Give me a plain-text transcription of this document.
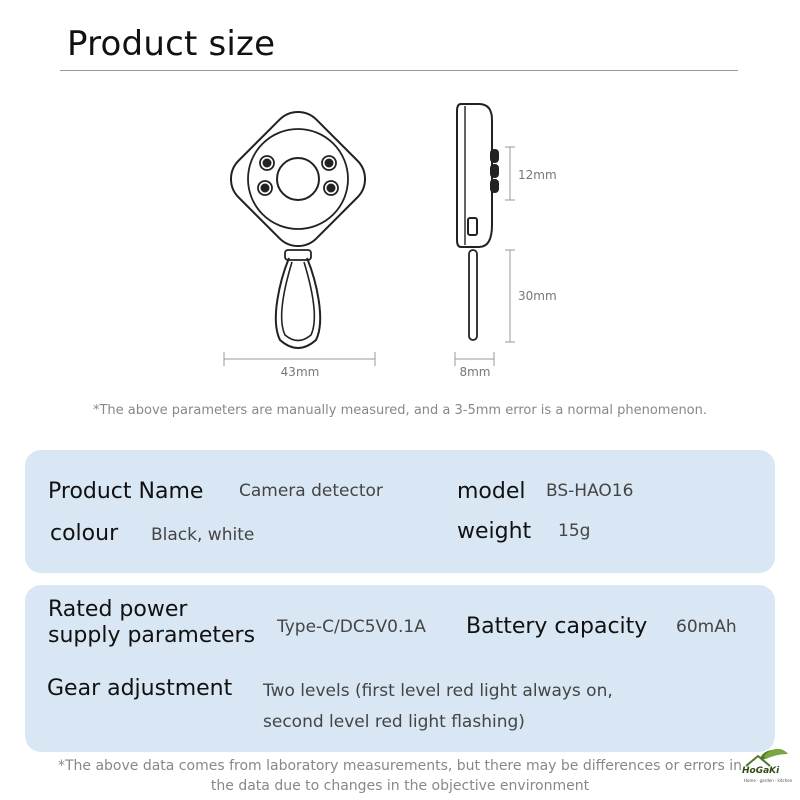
Product size
43mm
12mm
30mm
8mm
*The above parameters are manually measured, and a 3-5mm error is a normal phenomenon.
Product Name Camera detector	model BS-HAO16
colour Black, white	weight 15g
Rated power
supply parameters Type-C/DC5V0.1A Battery capacity 60mAh
Gear adjustment Two levels (first level red light always on,
second level red light flashing)
*The above data comes from laboratory measurements, but there may be differences or errors in
the data due to changes in the objective environment
HoGaKi
Home · garden · kitchen
